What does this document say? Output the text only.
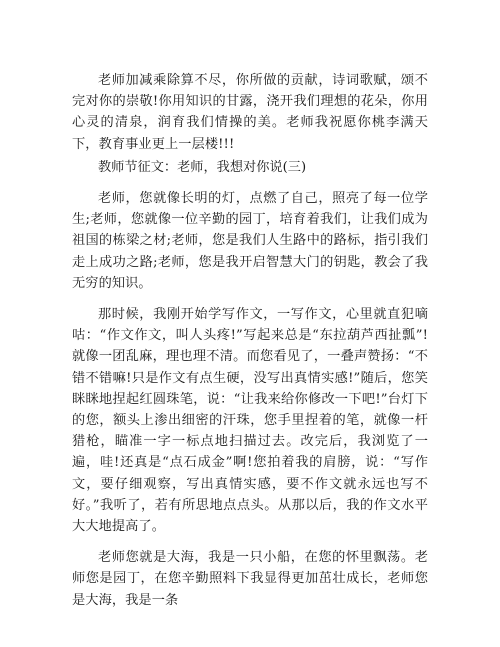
老师加减乘除算不尽，你所做的贡献，诗词歌赋，颂不完对你的崇敬!你用知识的甘露，浇开我们理想的花朵，你用心灵的清泉，润育我们情操的美。老师我祝愿你桃李满天下，教育事业更上一层楼!!!

教师节征文：老师，我想对你说(三)

老师，您就像长明的灯，点燃了自己，照亮了每一位学生;老师，您就像一位辛勤的园丁，培育着我们，让我们成为祖国的栋梁之材;老师，您是我们人生路中的路标，指引我们走上成功之路;老师，您是我开启智慧大门的钥匙，教会了我无穷的知识。

那时候，我刚开始学写作文，一写作文，心里就直犯嘀咕：“作文作文，叫人头疼!”写起来总是“东拉葫芦西扯瓢”!就像一团乱麻，理也理不清。而您看见了，一叠声赞扬：“不错不错嘛!只是作文有点生硬，没写出真情实感!”随后，您笑眯眯地捏起红圆珠笔，说：“让我来给你修改一下吧!”台灯下的您，额头上渗出细密的汗珠，您手里捏着的笔，就像一杆猎枪，瞄准一字一标点地扫描过去。改完后，我浏览了一遍，哇!还真是“点石成金”啊!您拍着我的肩膀，说：“写作文，要仔细观察，写出真情实感，要不作文就永远也写不好。”我听了，若有所思地点点头。从那以后，我的作文水平大大地提高了。

老师您就是大海，我是一只小船，在您的怀里飘荡。老师您是园丁，在您辛勤照料下我显得更加茁壮成长，老师您是大海，我是一条
